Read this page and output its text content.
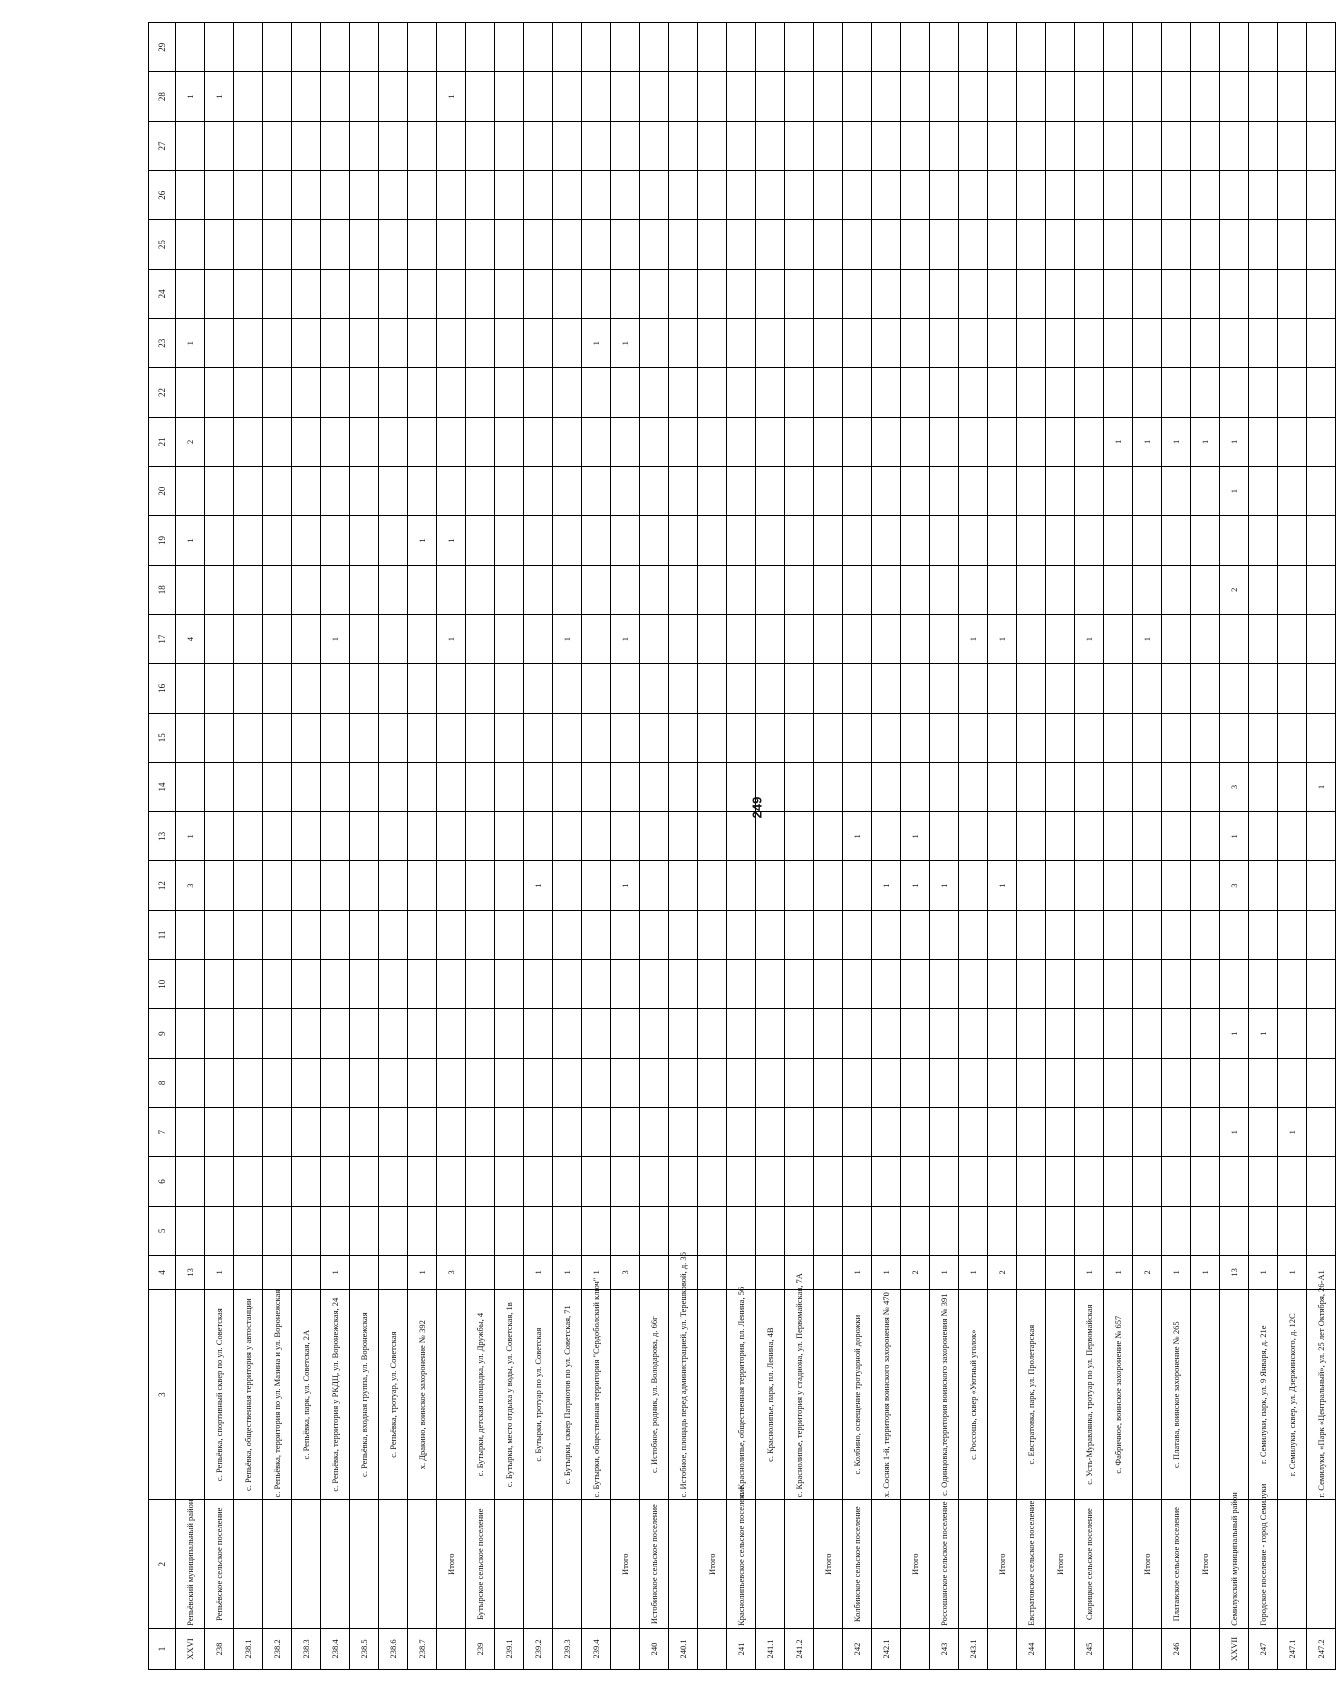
249
1	2	3	4	5	6	7	8	9	10	11	12	13	14	15	16	17	18	19	20	21	22	23	24	25	26	27	28	29
XXVI	Репьёвский муниципальный район		13								3	1				4		1		2		1					1	
238	Репьёвское сельское поселение	с. Репьёвка, спортивный сквер по ул. Советская	1																								1	
238.1		с. Репьёвка, общественная территория у автостанции																										
238.2		с. Репьёвка, территория по ул. Мазина и ул. Воронежская																										
238.3		с. Репьёвка, парк, ул. Советская, 2А																										
238.4		с. Репьёвка, территория у РКДЦ, ул. Воронежская, 24	1													1												
238.5		с. Репьёвка, входная группа, ул. Воронежская																										
238.6		с. Репьёвка, тротуар, ул. Советская																										
238.7		х. Дракино, воинское захоронение № 392	1															1										
	Итого		3													1		1									1	
239	Бутырское сельское поселение	с. Бутырки, детская площадка, ул. Дружбы, 4																										
239.1		с. Бутырки, место отдыха у воды, ул. Советская, 1в																										
239.2		с. Бутырки, тротуар по ул. Советская	1								1																	
239.3		с. Бутырки, сквер Патриотов по ул. Советская, 71	1													1												
239.4		с. Бутырки, общественная территория "Сердоболский ключ"	1																			1						
	Итого		3								1					1						1						
240	Истобинское сельское поселение	с. Истобное, родник, ул. Володарова, д. 66г																										
240.1		с. Истобное, площадь перед администрацией, ул. Терешковой, д. 36																										
	Итого																											
241	Краснолипьевское сельское поселение	с. Краснолипье, общественная территория, пл. Ленина, 56																										
241.1		с. Краснолипье, парк, пл. Ленина, 4В																										
241.2		с. Краснолипье, территория у стадиона, ул. Первомайская, 7А																										
	Итого																											
242	Колбинское сельское поселение	с. Колбино, освещение тротуарной дорожки	1									1																
242.1		х. Сосняк 1-й, территория воинского захоронения № 470	1								1																	
	Итого		2								1	1																
243	Россошанское сельское поселение	с. Одинцовка,территория воинского захоронения № 391	1								1																	
243.1		с. Россошь, сквер «Уютный уголок»	1													1												
	Итого		2								1					1												
244	Евстратовское сельское поселение	с. Евстратовка, парк, ул. Пролетарская																										
	Итого																											
245	Скорицкое сельское поселение	с. Усть-Муравлянка, тротуар по ул. Первомайская	1													1												
		с. Фабричное, воинское захоронение № 657	1																	1								
	Итого		2													1				1								
246	Платавское сельское поселение	с. Платава, воинское захоронение № 265	1																	1								
	Итого		1																	1								
XXVII	Семилукский муниципальный район		13			1		1			3	1	3				2		1	1								
247	Городское поселение - город Семилуки	г. Семилуки, парк, ул. 9 Января, д. 21е	1					1																				
247.1		г. Семилуки, сквер, ул. Дзержинского, д. 12С	1			1																						
247.2		г. Семилуки, «Парк «Центральный», ул. 25 лет Октября, 26-А	1										1															
